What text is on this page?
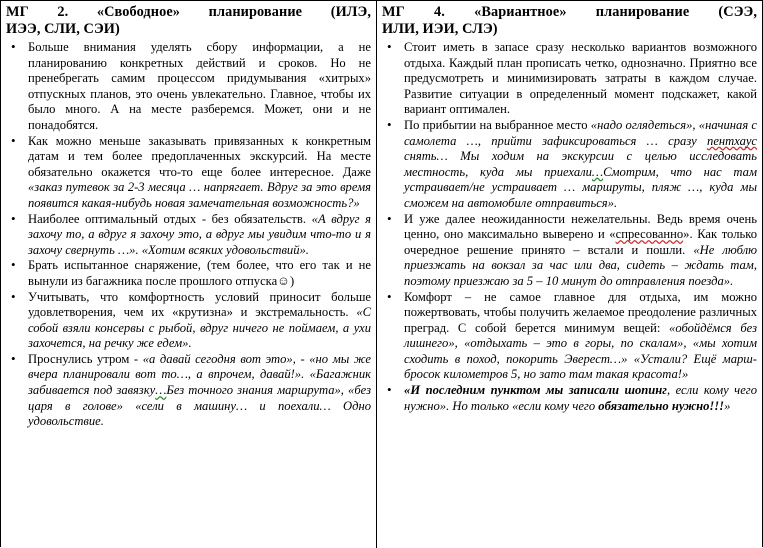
МГ 2. «Свободное» планирование (ИЛЭ,
ИЭЭ, СЛИ, СЭИ)
• Больше внимания уделять сбору информации, а не планированию конкретных действий и сроков. Но не пренебрегать самим процессом придумывания «хитрых» отпускных планов, это очень увлекательно. Главное, чтобы их было много. А на месте разберемся. Может, они и не понадобятся.
• Как можно меньше заказывать привязанных к конкретным датам и тем более предоплаченных экскурсий. На месте обязательно окажется что-то еще более интересное. Даже «заказ путевок за 2-3 месяца … напрягает. Вдруг за это время появится какая-нибудь новая замечательная возможность?»
• Наиболее оптимальный отдых - без обязательств. «А вдруг я захочу то, а вдруг я захочу это, а вдруг мы увидим что-то и я захочу свернуть …». «Хотим всяких удовольствий».
• Брать испытанное снаряжение, (тем более, что его так и не вынули из багажника после прошлого отпуска☺)
• Учитывать, что комфортность условий приносит больше удовлетворения, чем их «крутизна» и экстремальность. «С собой взяли консервы с рыбой, вдруг ничего не поймаем, а ухи захочется, на речку же едем».
• Проснулись утром - «а давай сегодня вот это», - «но мы же вчера планировали вот то…, а впрочем, давай!». «Багажник забивается под завязку…Без точного знания маршрута», «без царя в голове» «сели в машину… и поехали… Одно удовольствие.
МГ 4. «Вариантное» планирование (СЭЭ,
ИЛИ, ИЭИ, СЛЭ)
• Стоит иметь в запасе сразу несколько вариантов возможного отдыха. Каждый план прописать четко, однозначно. Приятно все предусмотреть и минимизировать затраты в каждом случае. Развитие ситуации в определенный момент подскажет, какой вариант оптимален.
• По прибытии на выбранное место «надо оглядеться», «начиная с самолета …, прийти зафиксироваться … сразу пентхаус снять… Мы ходим на экскурсии с целью исследовать местность, куда мы приехали…Смотрим, что нас там устраивает/не устраивает … маршруты, пляж …, куда мы сможем на автомобиле отправиться».
• И уже далее неожиданности нежелательны. Ведь время очень ценно, оно максимально выверено и «спресованно». Как только очередное решение принято – встали и пошли. «Не люблю приезжать на вокзал за час или два, сидеть – ждать там, поэтому приезжаю за 5 – 10 минут до отправления поезда».
• Комфорт – не самое главное для отдыха, им можно пожертвовать, чтобы получить желаемое преодоление различных преград. С собой берется минимум вещей: «обойдёмся без лишнего», «отдыхать – это в горы, по скалам», «мы хотим сходить в поход, покорить Эверест…» «Устали? Ещё марш-бросок километров 5, но зато там такая красота!»
• «И последним пунктом мы записали шопинг, если кому чего нужно». Но только «если кому чего обязательно нужно!!!»
